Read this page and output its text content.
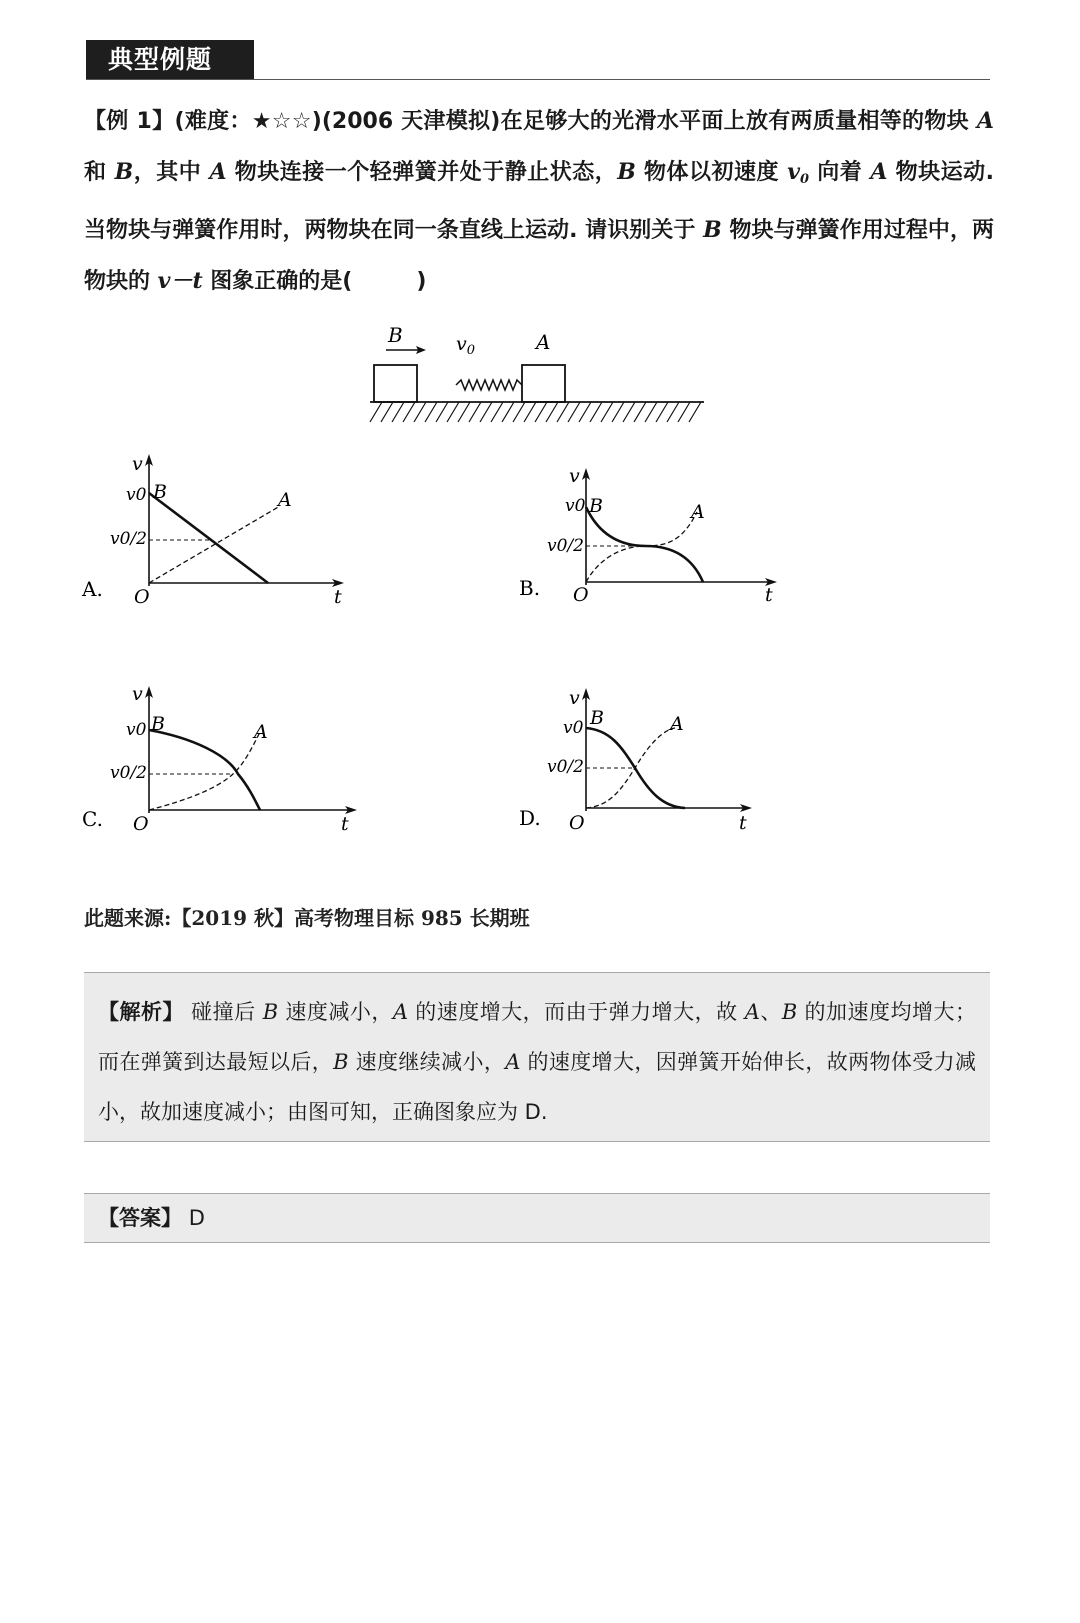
典型例题

【例 1】(难度：★☆☆)(2006 天津模拟)在足够大的光滑水平面上放有两质量相等的物块 A 和 B，其中 A 物块连接一个轻弹簧并处于静止状态，B 物体以初速度 $v_0$ 向着 A 物块运动. 当物块与弹簧作用时，两物块在同一条直线上运动. 请识别关于 B 物块与弹簧作用过程中，两物块的 v－t 图象正确的是(	)

B	$v_0$	A
v
t
O
v0
v0/2
B	A
A.
v
t
O
v0
v0/2
B	A
B.
v
t
O
v0
v0/2
B	A
C.
v
t
O
v0
v0/2
B	A
D.

此题来源:【2019 秋】高考物理目标 985 长期班

【解析】 碰撞后 B 速度减小，A 的速度增大，而由于弹力增大，故 A、B 的加速度均增大；而在弹簧到达最短以后，B 速度继续减小，A 的速度增大，因弹簧开始伸长，故两物体受力减小，故加速度减小；由图可知，正确图象应为 D.
【答案】 D
